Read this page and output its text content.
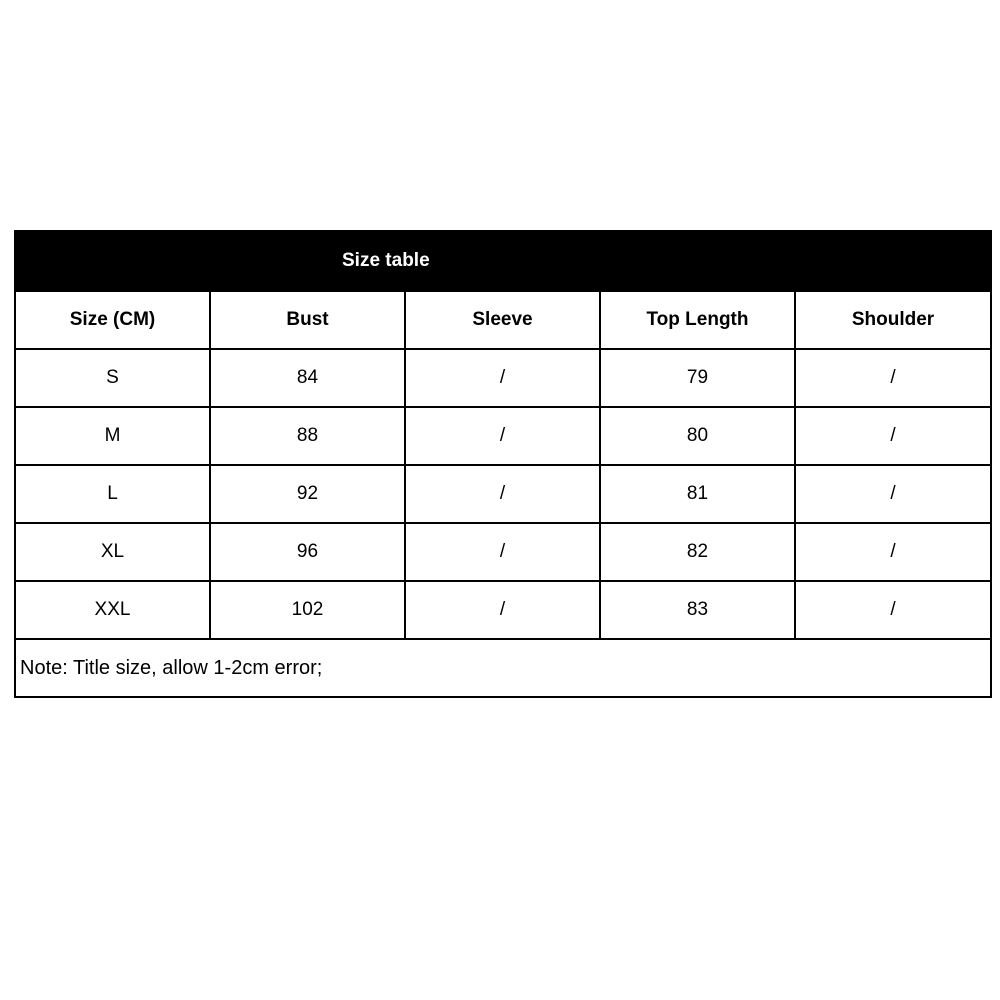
Size table				
Size (CM)	Bust	Sleeve	Top Length	Shoulder
S	84	/	79	/
M	88	/	80	/
L	92	/	81	/
XL	96	/	82	/
XXL	102	/	83	/
Note: Title size, allow 1-2cm error;				
